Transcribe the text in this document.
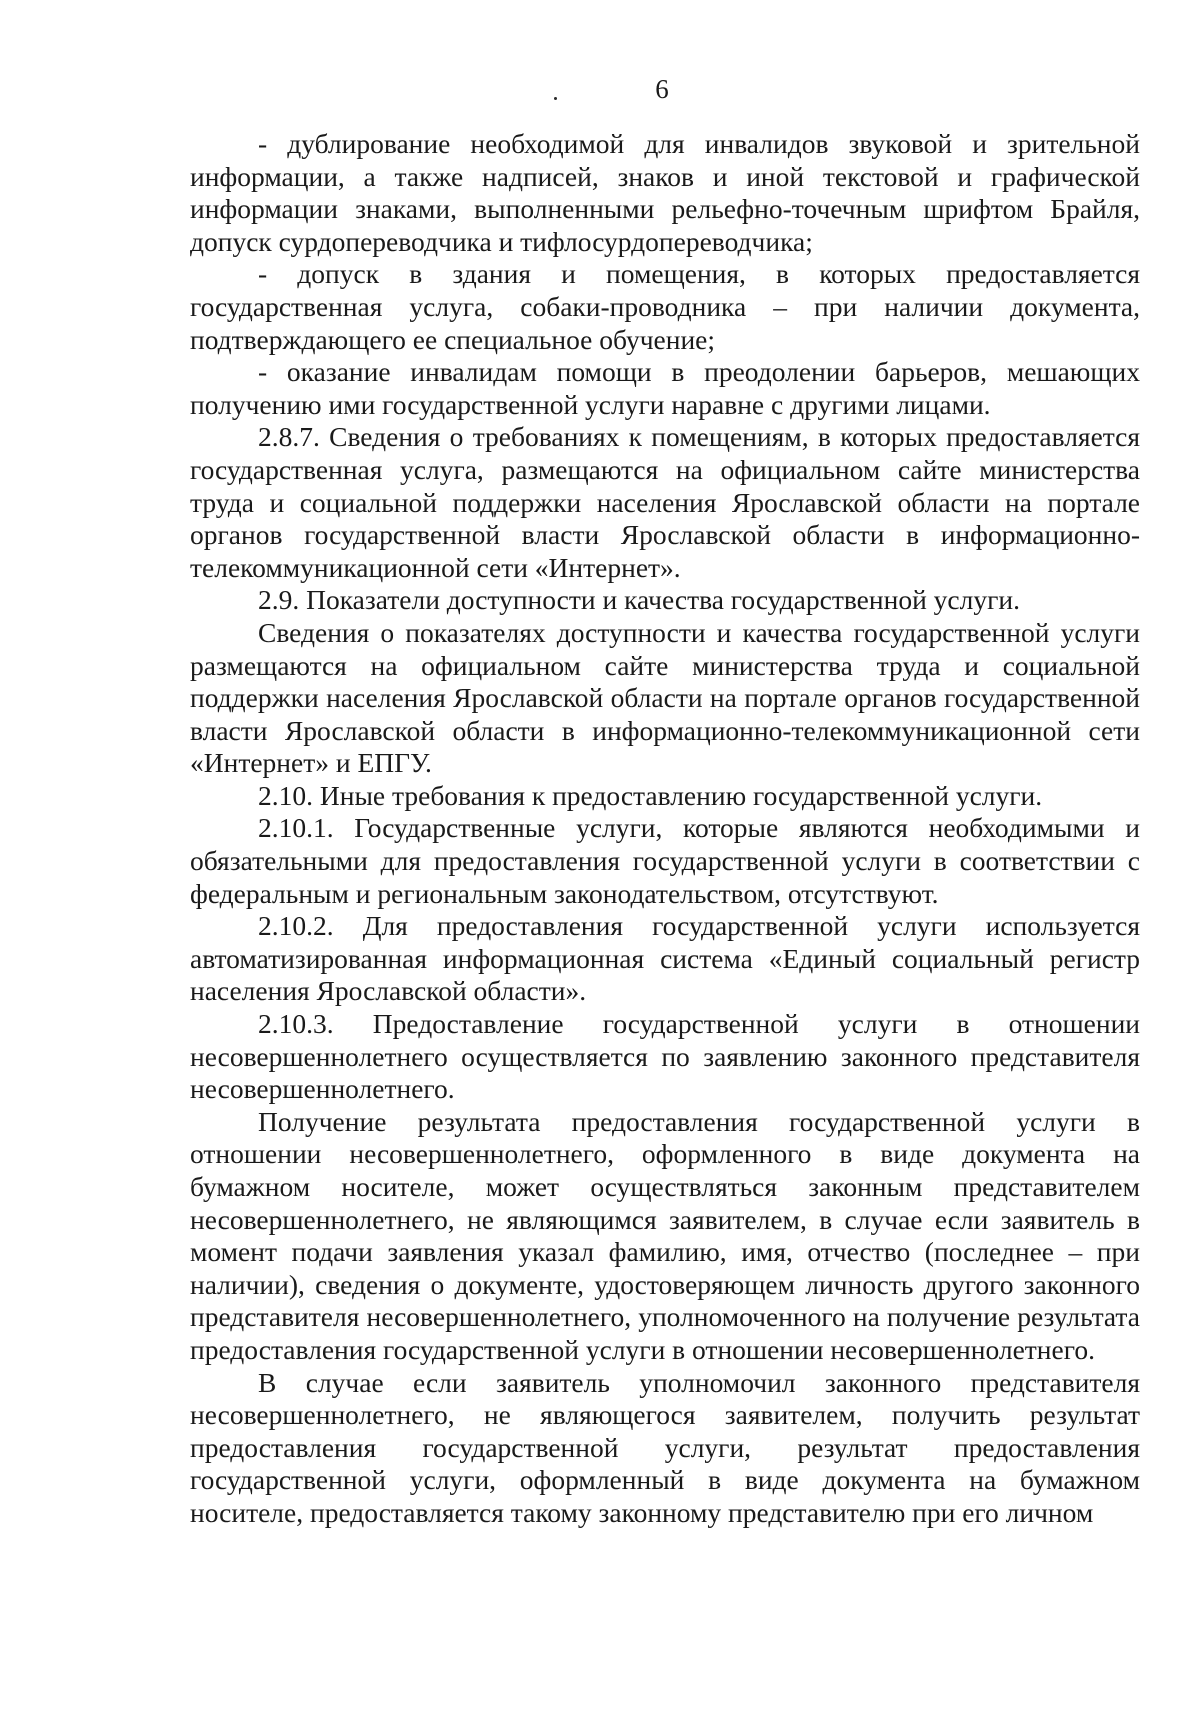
6

- дублирование необходимой для инвалидов звуковой и зрительной информации, а также надписей, знаков и иной текстовой и графической информации знаками, выполненными рельефно-точечным шрифтом Брайля, допуск сурдопереводчика и тифлосурдопереводчика;

- допуск в здания и помещения, в которых предоставляется государственная услуга, собаки-проводника – при наличии документа, подтверждающего ее специальное обучение;

- оказание инвалидам помощи в преодолении барьеров, мешающих получению ими государственной услуги наравне с другими лицами.

2.8.7. Сведения о требованиях к помещениям, в которых предоставляется государственная услуга, размещаются на официальном сайте министерства труда и социальной поддержки населения Ярославской области на портале органов государственной власти Ярославской области в информационно-телекоммуникационной сети «Интернет».

2.9. Показатели доступности и качества государственной услуги.

Сведения о показателях доступности и качества государственной услуги размещаются на официальном сайте министерства труда и социальной поддержки населения Ярославской области на портале органов государственной власти Ярославской области в информационно-телекоммуникационной сети «Интернет» и ЕПГУ.

2.10. Иные требования к предоставлению государственной услуги.

2.10.1. Государственные услуги, которые являются необходимыми и обязательными для предоставления государственной услуги в соответствии с федеральным и региональным законодательством, отсутствуют.

2.10.2. Для предоставления государственной услуги используется автоматизированная информационная система «Единый социальный регистр населения Ярославской области».

2.10.3. Предоставление государственной услуги в отношении несовершеннолетнего осуществляется по заявлению законного представителя несовершеннолетнего.

Получение результата предоставления государственной услуги в отношении несовершеннолетнего, оформленного в виде документа на бумажном носителе, может осуществляться законным представителем несовершеннолетнего, не являющимся заявителем, в случае если заявитель в момент подачи заявления указал фамилию, имя, отчество (последнее – при наличии), сведения о документе, удостоверяющем личность другого законного представителя несовершеннолетнего, уполномоченного на получение результата предоставления государственной услуги в отношении несовершеннолетнего.

В случае если заявитель уполномочил законного представителя несовершеннолетнего, не являющегося заявителем, получить результат предоставления государственной услуги, результат предоставления государственной услуги, оформленный в виде документа на бумажном носителе, предоставляется такому законному представителю при его личном
